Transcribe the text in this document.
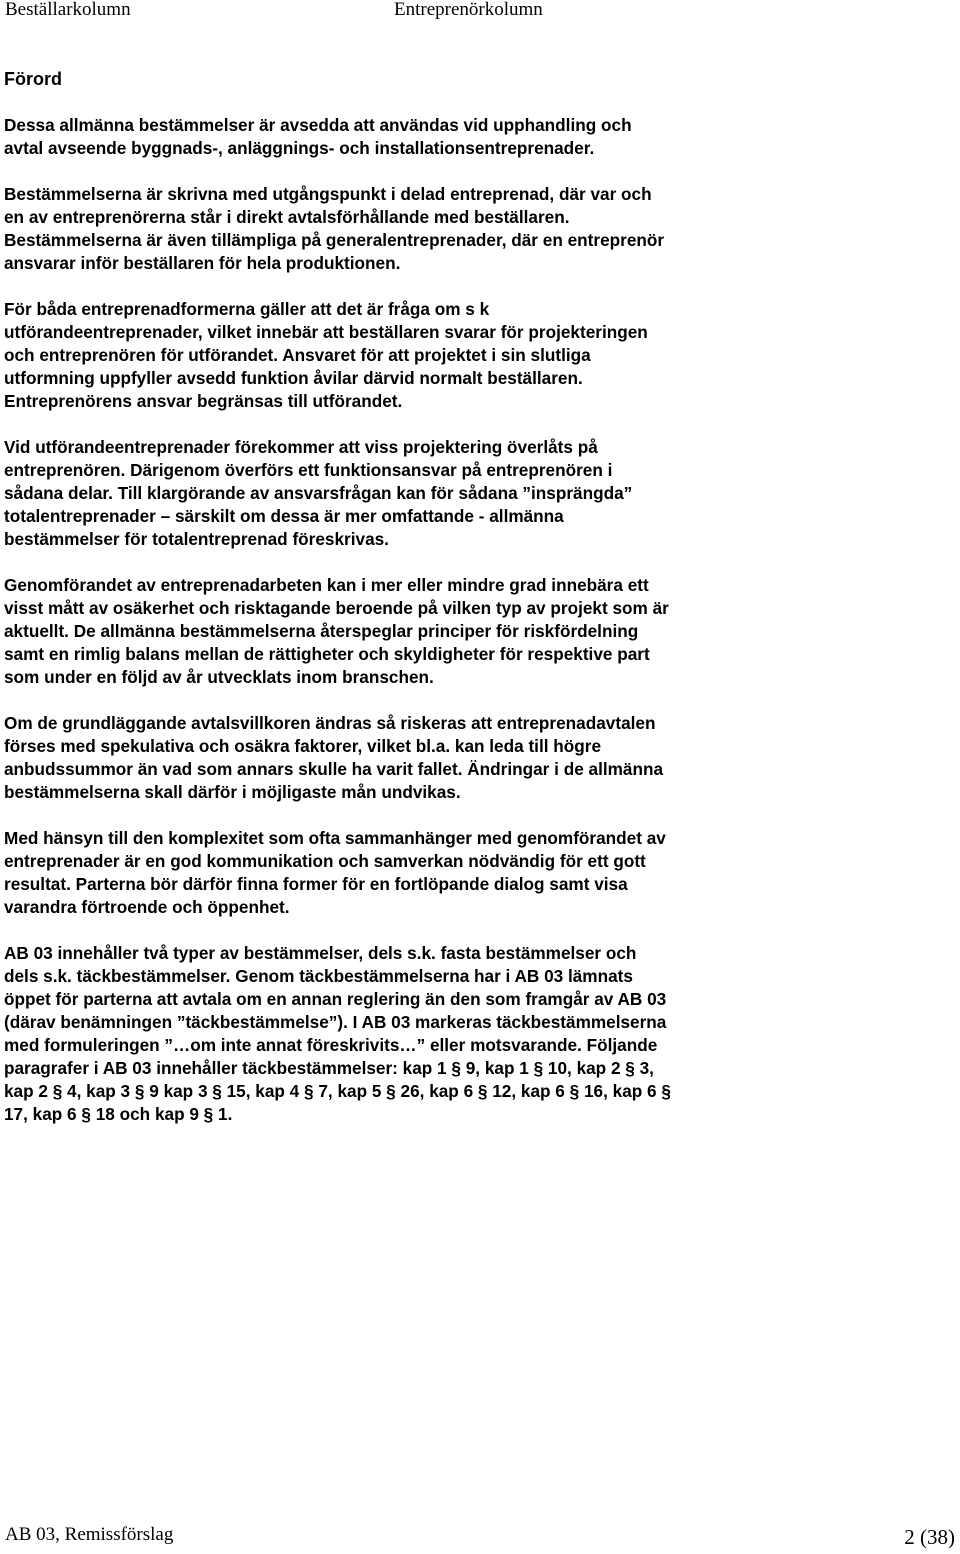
Beställarkolumn	Entreprenörkolumn
Förord
Dessa allmänna bestämmelser är avsedda att användas vid upphandling och
avtal avseende byggnads-, anläggnings- och installationsentreprenader.
Bestämmelserna är skrivna med utgångspunkt i delad entreprenad, där var och
en av entreprenörerna står i direkt avtalsförhållande med beställaren.
Bestämmelserna är även tillämpliga på generalentreprenader, där en entreprenör
ansvarar inför beställaren för hela produktionen.
För båda entreprenadformerna gäller att det är fråga om s k
utförandeentreprenader, vilket innebär att beställaren svarar för projekteringen
och entreprenören för utförandet. Ansvaret för att projektet i sin slutliga
utformning uppfyller avsedd funktion åvilar därvid normalt beställaren.
Entreprenörens ansvar begränsas till utförandet.
Vid utförandeentreprenader förekommer att viss projektering överlåts på
entreprenören. Därigenom överförs ett funktionsansvar på entreprenören i
sådana delar. Till klargörande av ansvarsfrågan kan för sådana ”insprängda”
totalentreprenader – särskilt om dessa är mer omfattande - allmänna
bestämmelser för totalentreprenad föreskrivas.
Genomförandet av entreprenadarbeten kan i mer eller mindre grad innebära ett
visst mått av osäkerhet och risktagande beroende på vilken typ av projekt som är
aktuellt. De allmänna bestämmelserna återspeglar principer för riskfördelning
samt en rimlig balans mellan de rättigheter och skyldigheter för respektive part
som under en följd av år utvecklats inom branschen.
Om de grundläggande avtalsvillkoren ändras så riskeras att entreprenadavtalen
förses med spekulativa och osäkra faktorer, vilket bl.a. kan leda till högre
anbudssummor än vad som annars skulle ha varit fallet. Ändringar i de allmänna
bestämmelserna skall därför i möjligaste mån undvikas.
Med hänsyn till den komplexitet som ofta sammanhänger med genomförandet av
entreprenader är en god kommunikation och samverkan nödvändig för ett gott
resultat. Parterna bör därför finna former för en fortlöpande dialog samt visa
varandra förtroende och öppenhet.
AB 03 innehåller två typer av bestämmelser, dels s.k. fasta bestämmelser och
dels s.k. täckbestämmelser. Genom täckbestämmelserna har i AB 03 lämnats
öppet för parterna att avtala om en annan reglering än den som framgår av AB 03
(därav benämningen ”täckbestämmelse”). I AB 03 markeras täckbestämmelserna
med formuleringen ”…om inte annat föreskrivits…” eller motsvarande. Följande
paragrafer i AB 03 innehåller täckbestämmelser: kap 1 § 9, kap 1 § 10, kap 2 § 3,
kap 2 § 4, kap 3 § 9 kap 3 § 15, kap 4 § 7, kap 5 § 26, kap 6 § 12, kap 6 § 16, kap 6 §
17, kap 6 § 18 och kap 9 § 1.
AB 03, Remissförslag	2 (38)
